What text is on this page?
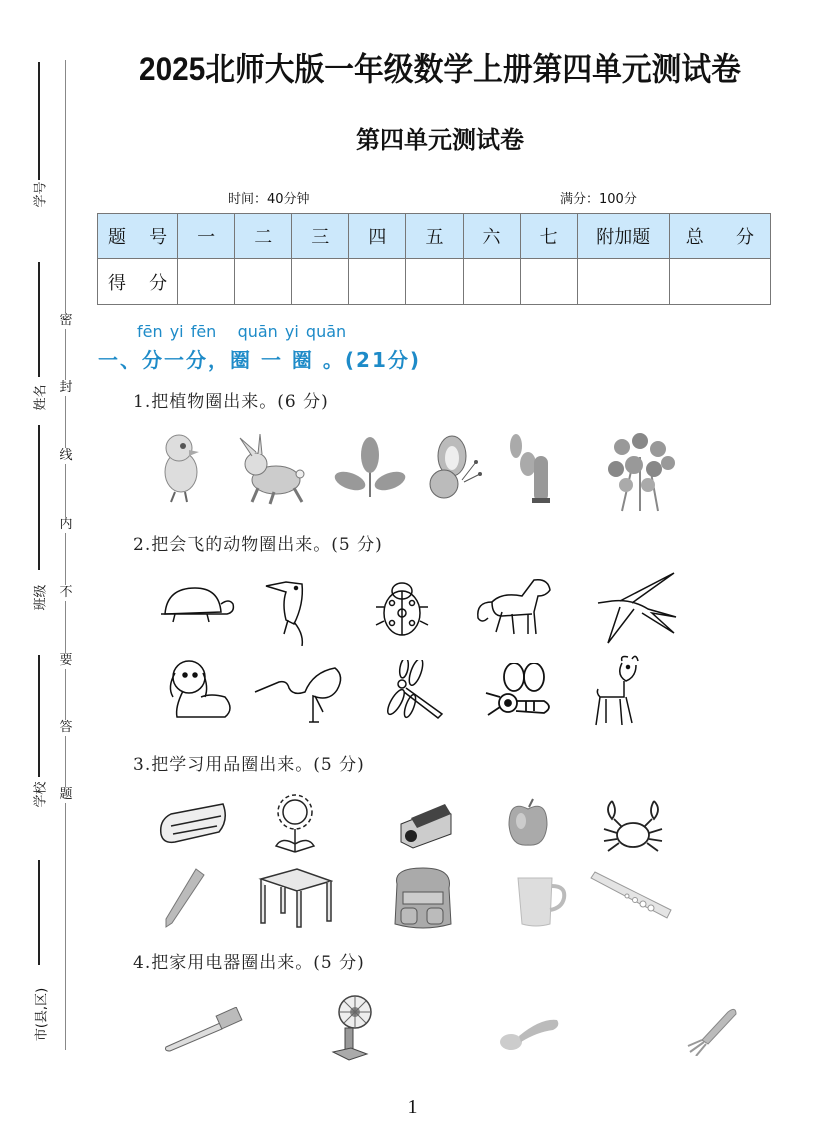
学号
姓名
班级
学校
市(县,区)
密
封
线
内
不
要
答
题
2025北师大版一年级数学上册第四单元测试卷
第四单元测试卷
时间：40分钟	满分：100分
题 号	一	二	三	四	五	六	七	附加题	总 分

得 分									

fēn yi fēn   quān yi quān
一、分一分，圈 一 圈 。(21分)
1.把植物圈出来。(6 分)
2.把会飞的动物圈出来。(5 分)
3.把学习用品圈出来。(5 分)
4.把家用电器圈出来。(5 分)
1
